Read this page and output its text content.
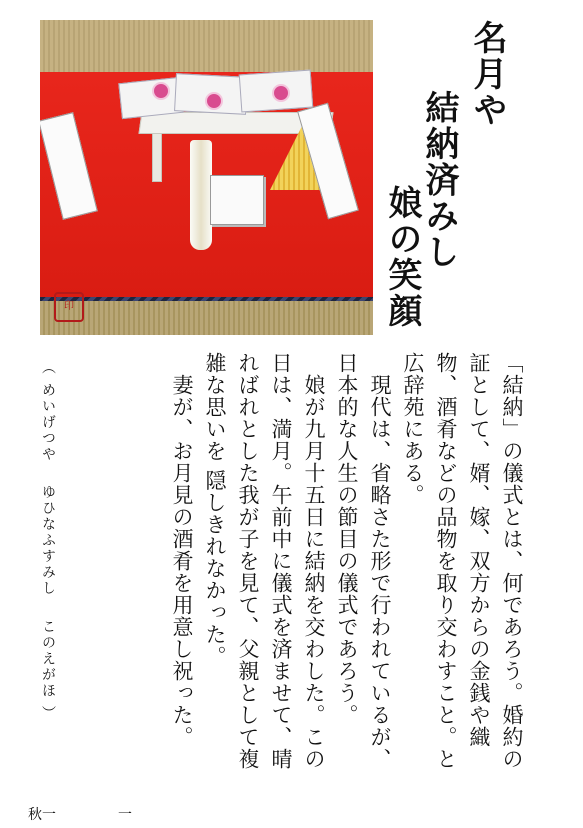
印
名月や
結納済みし
娘の笑顔

「結納」の儀式とは、何であろう。婚約の証として、婿、嫁、双方からの金銭や織物、酒肴などの品物を取り交わすこと。と広辞苑にある。

　現代は、省略さた形で行われているが、日本的な人生の節目の儀式であろう。

　娘が九月十五日に結納を交わした。この日は、満月。午前中に儀式を済ませて、晴ればれとした我が子を見て、父親として複雑な思いを 隠しきれなかった。

　妻が、お月見の酒肴を用意し祝った。

（ めいげつや　 ゆひなふすみし　 このえがほ ）
秋一	一
